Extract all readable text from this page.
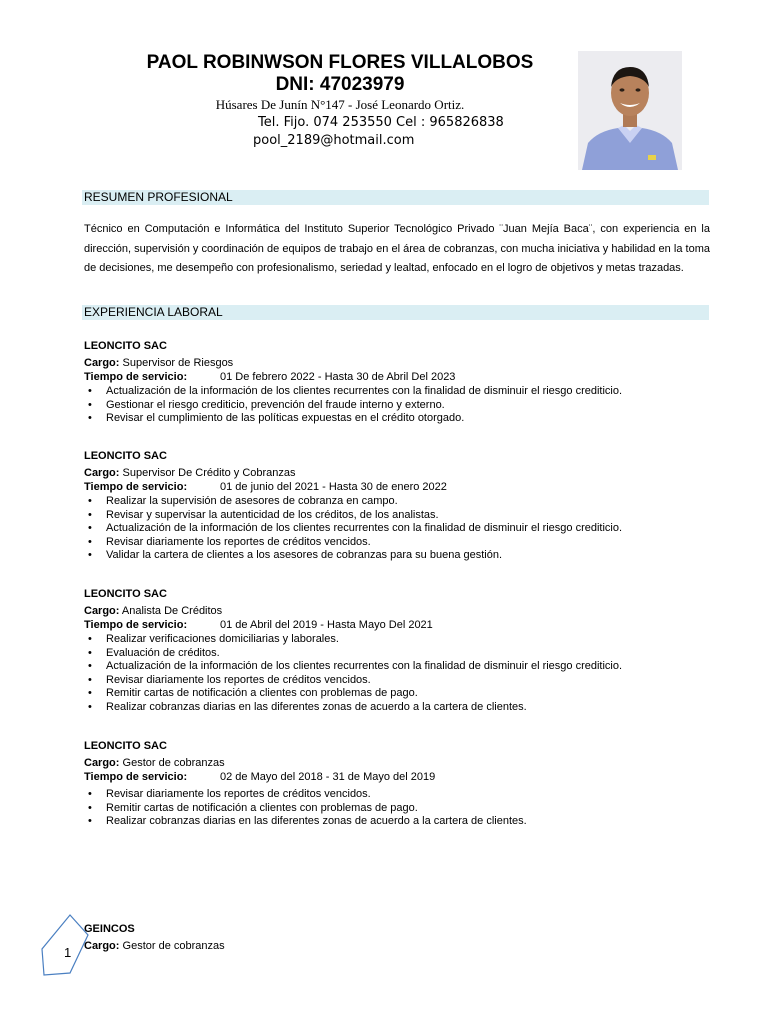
PAOL ROBINWSON FLORES VILLALOBOS
DNI: 47023979
Húsares De Junín N°147 - José Leonardo Ortiz.
Tel. Fijo. 074 253550 Cel : 965826838
pool_2189@hotmail.com
RESUMEN PROFESIONAL
Técnico en Computación e Informática del Instituto Superior Tecnológico Privado ¨Juan Mejía Baca¨, con experiencia en la dirección, supervisión y coordinación de equipos de trabajo en el área de cobranzas, con mucha iniciativa y habilidad en la toma de decisiones, me desempeño con profesionalismo, seriedad y lealtad, enfocado en el logro de objetivos y metas trazadas.
EXPERIENCIA LABORAL
LEONCITO SAC
Cargo: Supervisor de Riesgos
Tiempo de servicio:	01 De febrero 2022 - Hasta 30 de Abril Del 2023
• Actualización de la información de los clientes recurrentes con la finalidad de disminuir el riesgo crediticio.
• Gestionar el riesgo crediticio, prevención del fraude interno y externo.
• Revisar el cumplimiento de las políticas expuestas en el crédito otorgado.
LEONCITO SAC
Cargo: Supervisor De Crédito y Cobranzas
Tiempo de servicio:	01 de junio del 2021 - Hasta 30 de enero 2022
• Realizar la supervisión de asesores de cobranza en campo.
• Revisar y supervisar la autenticidad de los créditos, de los analistas.
• Actualización de la información de los clientes recurrentes con la finalidad de disminuir el riesgo crediticio.
• Revisar diariamente los reportes de créditos vencidos.
• Validar la cartera de clientes a los asesores de cobranzas para su buena gestión.
LEONCITO SAC
Cargo: Analista De Créditos
Tiempo de servicio:	01 de Abril del 2019 - Hasta Mayo Del 2021
• Realizar verificaciones domiciliarias y laborales.
• Evaluación de créditos.
• Actualización de la información de los clientes recurrentes con la finalidad de disminuir el riesgo crediticio.
• Revisar diariamente los reportes de créditos vencidos.
• Remitir cartas de notificación a clientes con problemas de pago.
• Realizar cobranzas diarias en las diferentes zonas de acuerdo a la cartera de clientes.
LEONCITO SAC
Cargo: Gestor de cobranzas
Tiempo de servicio:	02 de Mayo del 2018 - 31 de Mayo del 2019
• Revisar diariamente los reportes de créditos vencidos.
• Remitir cartas de notificación a clientes con problemas de pago.
• Realizar cobranzas diarias en las diferentes zonas de acuerdo a la cartera de clientes.
1
GEINCOS
Cargo: Gestor de cobranzas
